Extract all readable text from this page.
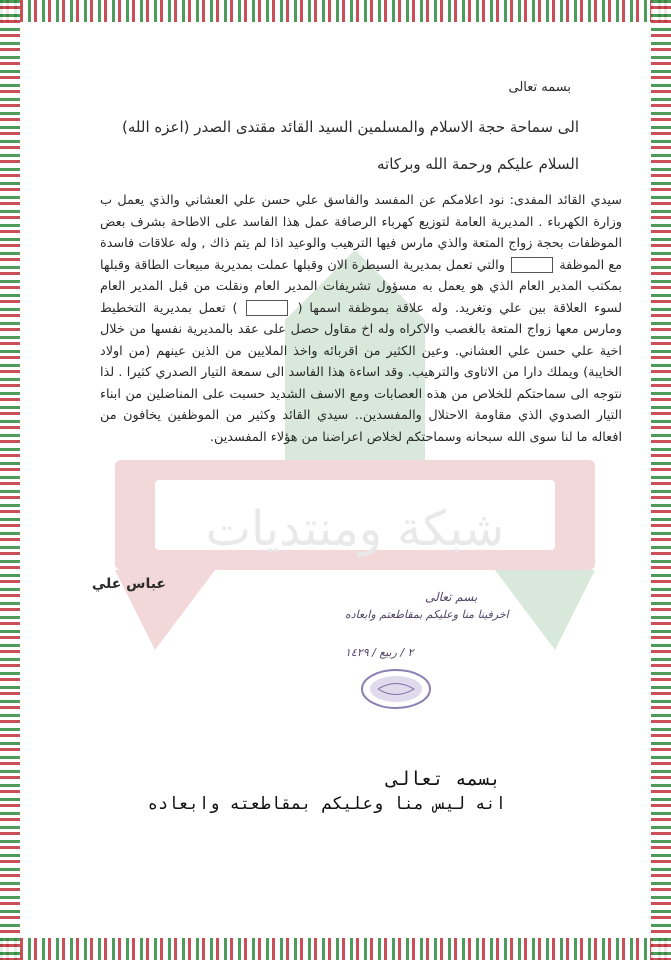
شبكة ومنتديات
بسمه تعالى
الى سماحة حجة الاسلام والمسلمين السيد القائد مقتدى الصدر (اعزه الله)
السلام عليكم ورحمة الله وبركاته
سيدي القائد المفدى: نود اعلامكم عن المفسد والفاسق علي حسن علي العشاني والذي يعمل ب وزارة الكهرباء . المديرية العامة لتوزيع كهرباء الرصافة عمل هذا الفاسد على الاطاحة بشرف بعض الموظفات بحجة زواج المتعة والذي مارس فيها الترهيب والوعيد اذا لم يتم ذاك , وله علاقات فاسدة مع الموظفة  والتي تعمل بمديرية السيطرة الان وقبلها عملت بمديرية مبيعات الطاقة وقبلها بمكتب المدير العام الذي هو يعمل به مسؤول تشريفات المدير العام ونقلت من قبل المدير العام لسوء العلاقة بين علي وتغريد. وله علاقة بموظفة اسمها (  ) تعمل بمديرية التخطيط ومارس معها زواج المتعة بالغصب والاكراه وله اخ مقاول حصل على عقد بالمديرية نفسها من خلال اخية علي حسن علي العشاني. وعين الكثير من اقربائه واخذ الملايين من الذين عينهم (من اولاد الخايبة) ويملك دارا من الاتاوى والترهيب. وقد اساءة هذا الفاسد الى سمعة التيار الصدري كثيرا . لذا نتوجه الى سماحتكم للخلاص من هذه العصابات ومع الاسف الشديد حسبت على المناضلين من ابناء التيار الصدوي الذي مقاومة الاحتلال والمفسدين.. سيدي القائد وكثير من الموظفين يخافون من افعاله ما لنا سوى الله سبحانه وسماحتكم لخلاص اعراضنا من هؤلاء المفسدين.
عباس علي
بسم تعالى
اخرفينا منا وعليكم بمقاطعتم وابعاده
٢ / ربيع / ١٤٢٩
بسمه تعالى
انه ليس منا وعليكم بمقاطعته وابعاده
